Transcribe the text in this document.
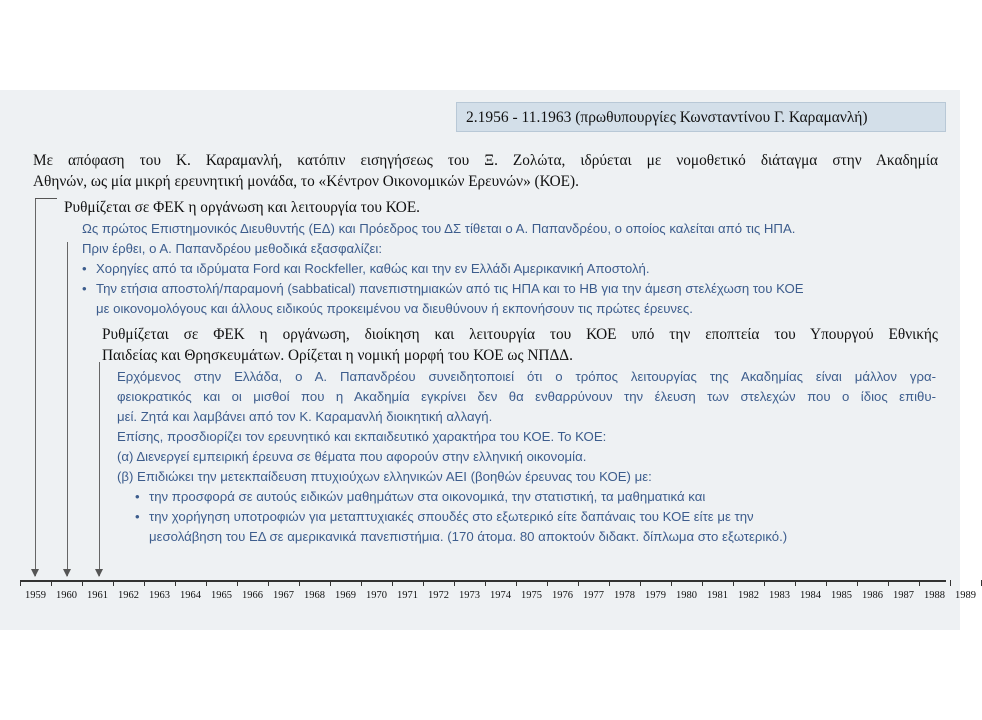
2.1956 - 11.1963 (πρωθυπουργίες Κωνσταντίνου Γ. Καραμανλή)
Με απόφαση του Κ. Καραμανλή, κατόπιν εισηγήσεως του Ξ. Ζολώτα, ιδρύεται με νομοθετικό διάταγμα στην Ακαδημία
Αθηνών, ως μία μικρή ερευνητική μονάδα, το «Κέντρον Οικονομικών Ερευνών» (ΚΟΕ).
Ρυθμίζεται σε ΦΕΚ η οργάνωση και λειτουργία του ΚΟΕ.
Ως πρώτος Επιστημονικός Διευθυντής (ΕΔ) και Πρόεδρος του ΔΣ τίθεται ο Α. Παπανδρέου, ο οποίος καλείται από τις ΗΠΑ.
Πριν έρθει, ο Α. Παπανδρέου μεθοδικά εξασφαλίζει:
• Χορηγίες από τα ιδρύματα Ford και Rockfeller, καθώς και την εν Ελλάδι Αμερικανική Αποστολή.
• Την ετήσια αποστολή/παραμονή (sabbatical) πανεπιστημιακών από τις ΗΠΑ και το ΗΒ για την άμεση στελέχωση του ΚΟΕ
με οικονομολόγους και άλλους ειδικούς προκειμένου να διευθύνουν ή εκπονήσουν τις πρώτες έρευνες.
Ρυθμίζεται σε ΦΕΚ η οργάνωση, διοίκηση και λειτουργία του ΚΟΕ υπό την εποπτεία του Υπουργού Εθνικής
Παιδείας και Θρησκευμάτων. Ορίζεται η νομική μορφή του ΚΟΕ ως ΝΠΔΔ.
Ερχόμενος στην Ελλάδα, ο Α. Παπανδρέου συνειδητοποιεί ότι ο τρόπος λειτουργίας της Ακαδημίας είναι μάλλον γρα-
φειοκρατικός και οι μισθοί που η Ακαδημία εγκρίνει δεν θα ενθαρρύνουν την έλευση των στελεχών που ο ίδιος επιθυ-
μεί. Ζητά και λαμβάνει από τον Κ. Καραμανλή διοικητική αλλαγή.
Επίσης, προσδιορίζει τον ερευνητικό και εκπαιδευτικό χαρακτήρα του ΚΟΕ. Το ΚΟΕ:
(α) Διενεργεί εμπειρική έρευνα σε θέματα που αφορούν στην ελληνική οικονομία.
(β) Επιδιώκει την μετεκπαίδευση πτυχιούχων ελληνικών ΑΕΙ (βοηθών έρευνας του ΚΟΕ) με:
• την προσφορά σε αυτούς ειδικών μαθημάτων στα οικονομικά, την στατιστική, τα μαθηματικά και
• την χορήγηση υποτροφιών για μεταπτυχιακές σπουδές στο εξωτερικό είτε δαπάναις του ΚΟΕ είτε με την
μεσολάβηση του ΕΔ σε αμερικανικά πανεπιστήμια. (170 άτομα. 80 αποκτούν διδακτ. δίπλωμα στο εξωτερικό.)
1959 1960 1961 1962 1963 1964 1965 1966 1967 1968 1969 1970 1971 1972 1973 1974 1975 1976 1977 1978 1979 1980 1981 1982 1983 1984 1985 1986 1987 1988 1989
